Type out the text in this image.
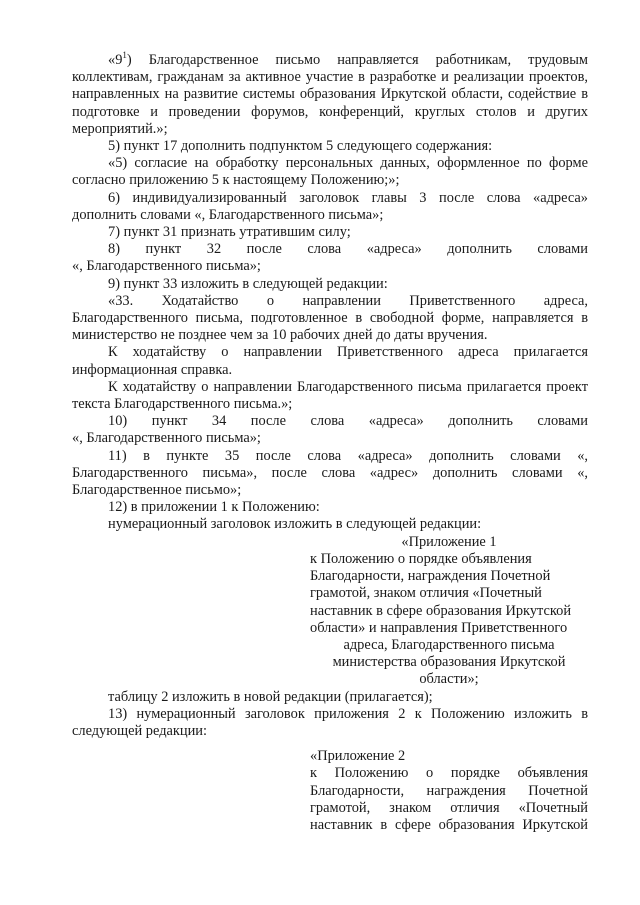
«$9^1$) Благодарственное письмо направляется работникам, трудовым коллективам, гражданам за активное участие в разработке и реализации проектов, направленных на развитие системы образования Иркутской области, содействие в подготовке и проведении форумов, конференций, круглых столов и других мероприятий.»;

5) пункт 17 дополнить подпунктом 5 следующего содержания:

«5) согласие на обработку персональных данных, оформленное по форме согласно приложению 5 к настоящему Положению;»;

6) индивидуализированный заголовок главы 3 после слова «адреса» дополнить словами «, Благодарственного письма»;

7) пункт 31 признать утратившим силу;

8) пункт 32 после слова «адреса» дополнить словами

«, Благодарственного письма»;

9) пункт 33 изложить в следующей редакции:

«33. Ходатайство о направлении Приветственного адреса,

Благодарственного письма, подготовленное в свободной форме, направляется в министерство не позднее чем за 10 рабочих дней до даты вручения.

К ходатайству о направлении Приветственного адреса прилагается информационная справка.

К ходатайству о направлении Благодарственного письма прилагается проект текста Благодарственного письма.»;

10) пункт 34 после слова «адреса» дополнить словами

«, Благодарственного письма»;

11) в пункте 35 после слова «адреса» дополнить словами «, Благодарственного письма», после слова «адрес» дополнить словами «, Благодарственное письмо»;

12) в приложении 1 к Положению:

нумерационный заголовок изложить в следующей редакции:

«Приложение 1
к Положению о порядке объявления
Благодарности, награждения Почетной
грамотой, знаком отличия «Почетный
наставник в сфере образования Иркутской
области» и направления Приветственного
адреса, Благодарственного письма
министерства образования Иркутской
области»;

таблицу 2 изложить в новой редакции (прилагается);

13) нумерационный заголовок приложения 2 к Положению изложить в следующей редакции:

«Приложение 2
к Положению о порядке объявления
Благодарности, награждения Почетной
грамотой, знаком отличия «Почетный
наставник в сфере образования Иркутской
